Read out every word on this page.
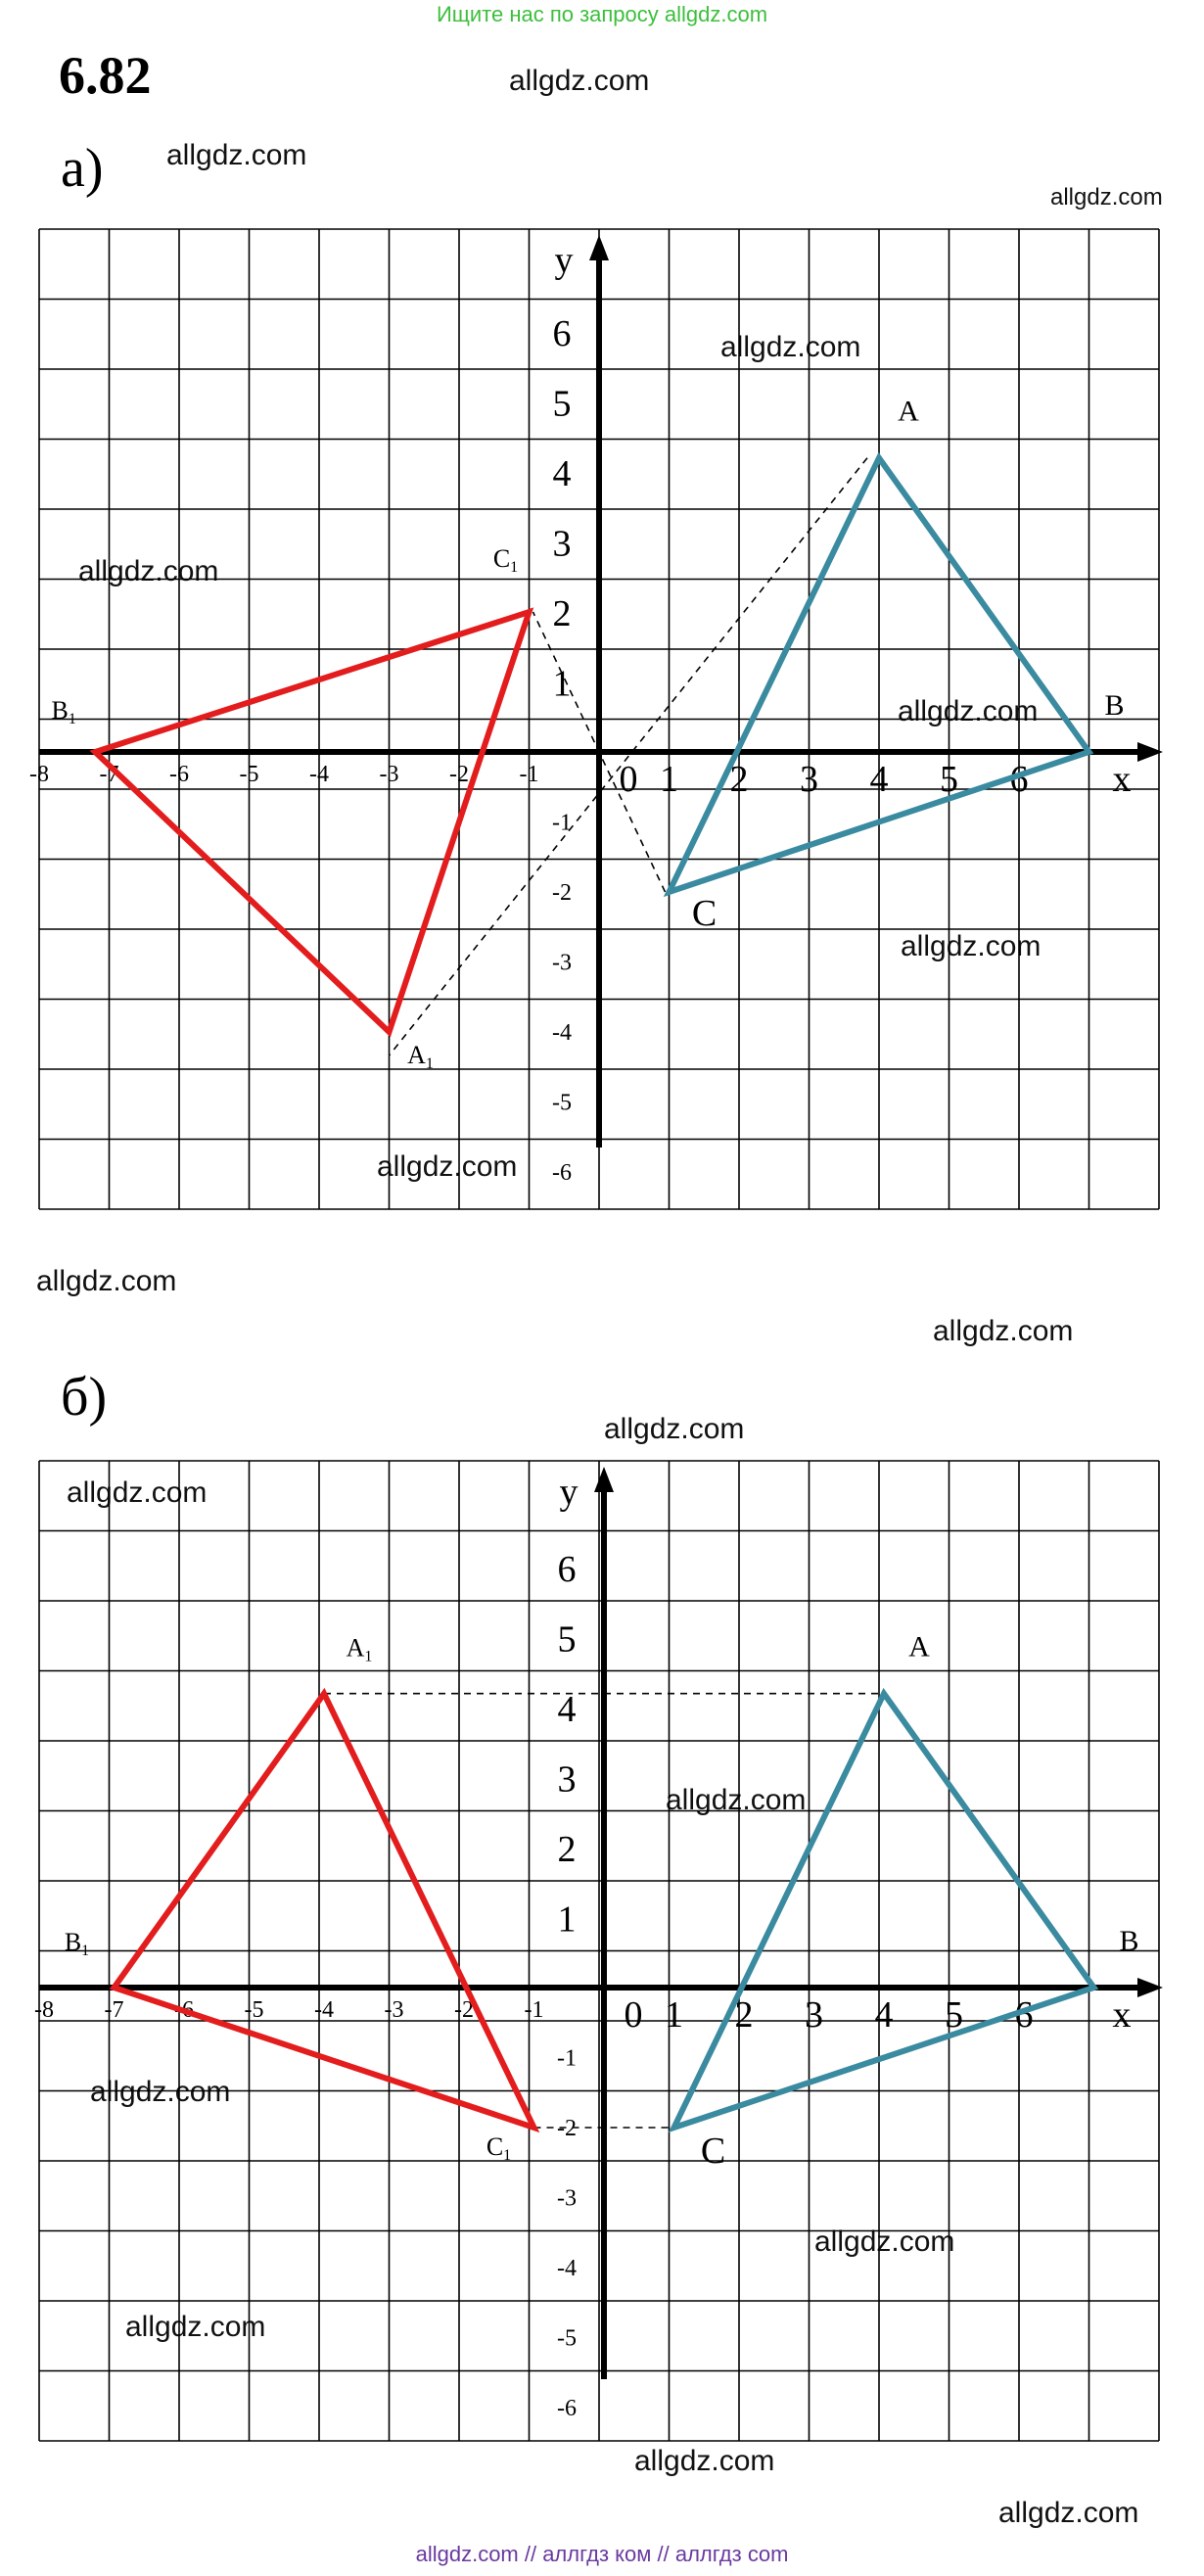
Ищите нас по запросу allgdz.com
6.82
а)
б)
allgdz.com
allgdz.com
allgdz.com
allgdz.com
allgdz.com
allgdz.com
allgdz.com
allgdz.com
allgdz.com
allgdz.com
allgdz.com
allgdz.com
allgdz.com
allgdz.com
allgdz.com
allgdz.com
allgdz.com
allgdz.com
x
y
-8 -7 -6 -5 -4 -3 -2 -1 0 1 2 3 4 5 6
6
5
4
3
2
1
-1
-2
-3
-4
-5
-6
A
B
C
A1
B1
C1
x
y
-8 -7 -6 -5 -4 -3 -2 -1 0 1 2 3 4 5 6
6
5
4
3
2
1
-1
-2
-3
-4
-5
-6
A
B
C
A1
B1
C1
allgdz.com // аллгдз ком // аллгдз com
